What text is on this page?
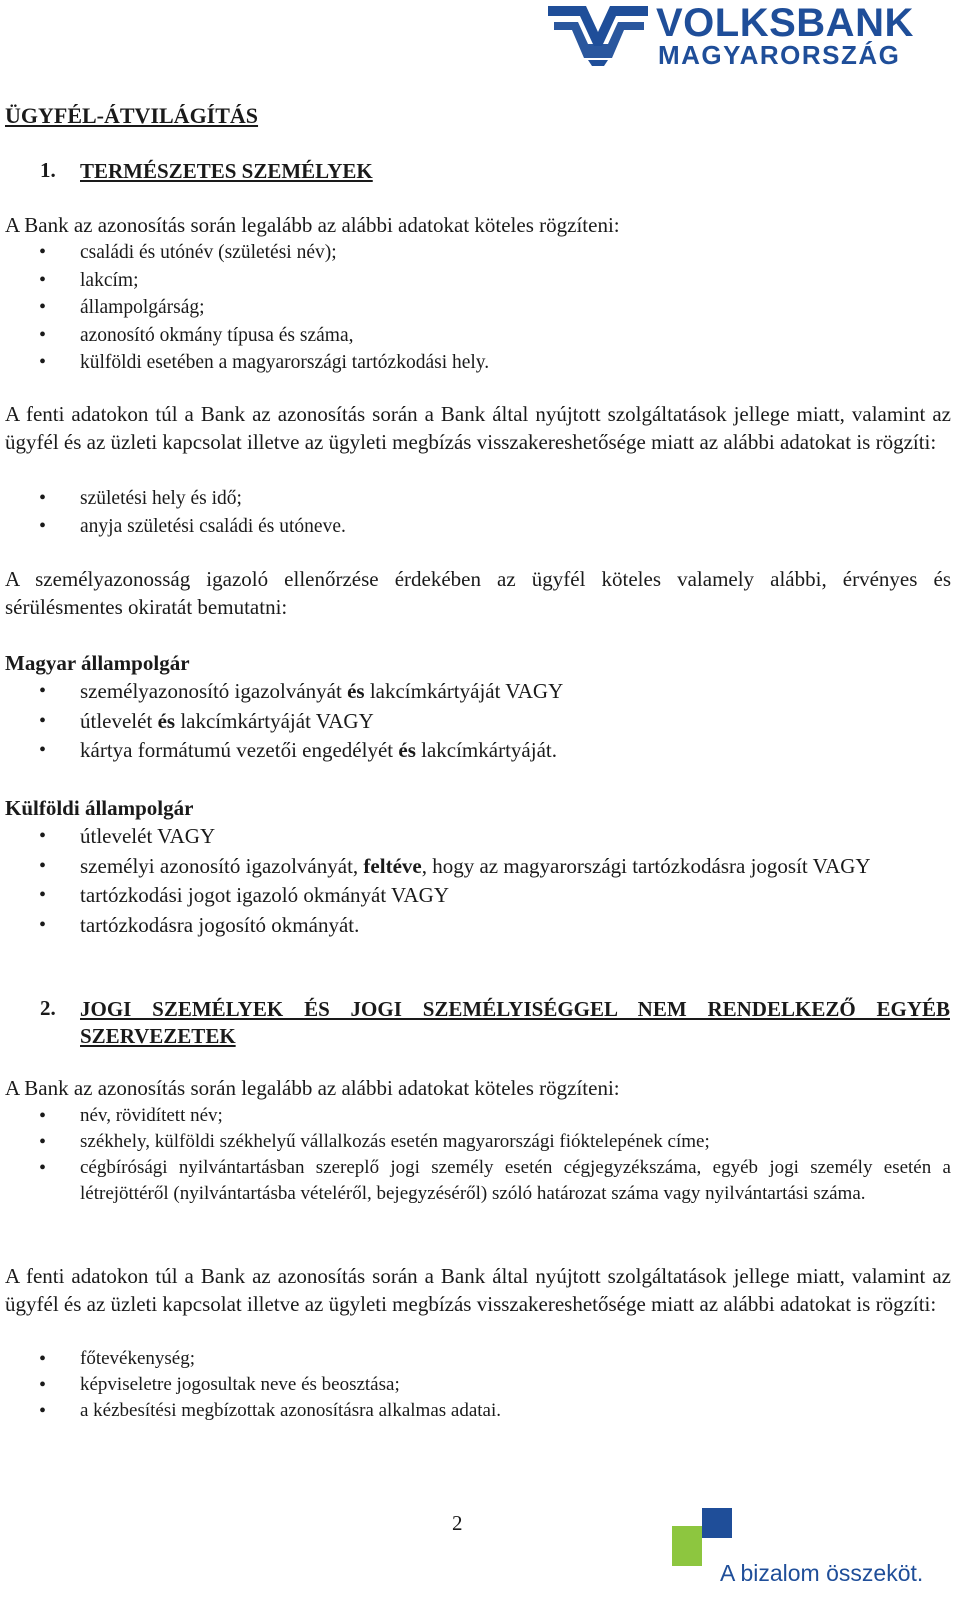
VOLKSBANK
MAGYARORSZÁG
ÜGYFÉL-ÁTVILÁGÍTÁS
1. TERMÉSZETES SZEMÉLYEK

A Bank az azonosítás során legalább az alábbi adatokat köteles rögzíteni:

• családi és utónév (születési név);
• lakcím;
• állampolgárság;
• azonosító okmány típusa és száma,
• külföldi esetében a magyarországi tartózkodási hely.

A fenti adatokon túl a Bank az azonosítás során a Bank által nyújtott szolgáltatások jellege miatt, valamint az ügyfél és az üzleti kapcsolat illetve az ügyleti megbízás visszakereshetősége miatt az alábbi adatokat is rögzíti:

• születési hely és idő;
• anyja születési családi és utóneve.

A személyazonosság igazoló ellenőrzése érdekében az ügyfél köteles valamely alábbi, érvényes és sérülésmentes okiratát bemutatni:

Magyar állampolgár
• személyazonosító igazolványát és lakcímkártyáját VAGY
• útlevelét és lakcímkártyáját VAGY
• kártya formátumú vezetői engedélyét és lakcímkártyáját.
Külföldi állampolgár
• útlevelét VAGY
• személyi azonosító igazolványát, feltéve, hogy az magyarországi tartózkodásra jogosít VAGY
• tartózkodási jogot igazoló okmányát VAGY
• tartózkodásra jogosító okmányát.
2. JOGI SZEMÉLYEK ÉS JOGI SZEMÉLYISÉGGEL NEM RENDELKEZŐ EGYÉB SZERVEZETEK

A Bank az azonosítás során legalább az alábbi adatokat köteles rögzíteni:

• név, rövidített név;
• székhely, külföldi székhelyű vállalkozás esetén magyarországi fióktelepének címe;
• cégbírósági nyilvántartásban szereplő jogi személy esetén cégjegyzékszáma, egyéb jogi személy esetén a létrejöttéről (nyilvántartásba vételéről, bejegyzéséről) szóló határozat száma vagy nyilvántartási száma.

A fenti adatokon túl a Bank az azonosítás során a Bank által nyújtott szolgáltatások jellege miatt, valamint az ügyfél és az üzleti kapcsolat illetve az ügyleti megbízás visszakereshetősége miatt az alábbi adatokat is rögzíti:

• főtevékenység;
• képviseletre jogosultak neve és beosztása;
• a kézbesítési megbízottak azonosításra alkalmas adatai.
2
A bizalom összeköt.
